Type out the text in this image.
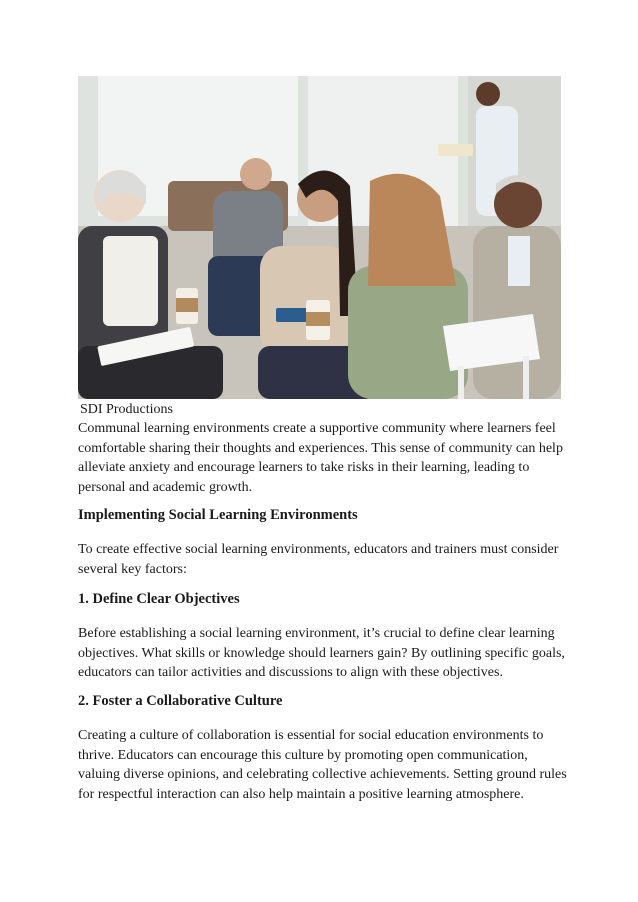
SDI Productions

Communal learning environments create a supportive community where learners feel comfortable sharing their thoughts and experiences. This sense of community can help alleviate anxiety and encourage learners to take risks in their learning, leading to personal and academic growth.

Implementing Social Learning Environments

To create effective social learning environments, educators and trainers must consider several key factors:

1. Define Clear Objectives

Before establishing a social learning environment, it’s crucial to define clear learning objectives. What skills or knowledge should learners gain? By outlining specific goals, educators can tailor activities and discussions to align with these objectives.

2. Foster a Collaborative Culture

Creating a culture of collaboration is essential for social education environments to thrive. Educators can encourage this culture by promoting open communication, valuing diverse opinions, and celebrating collective achievements. Setting ground rules for respectful interaction can also help maintain a positive learning atmosphere.
